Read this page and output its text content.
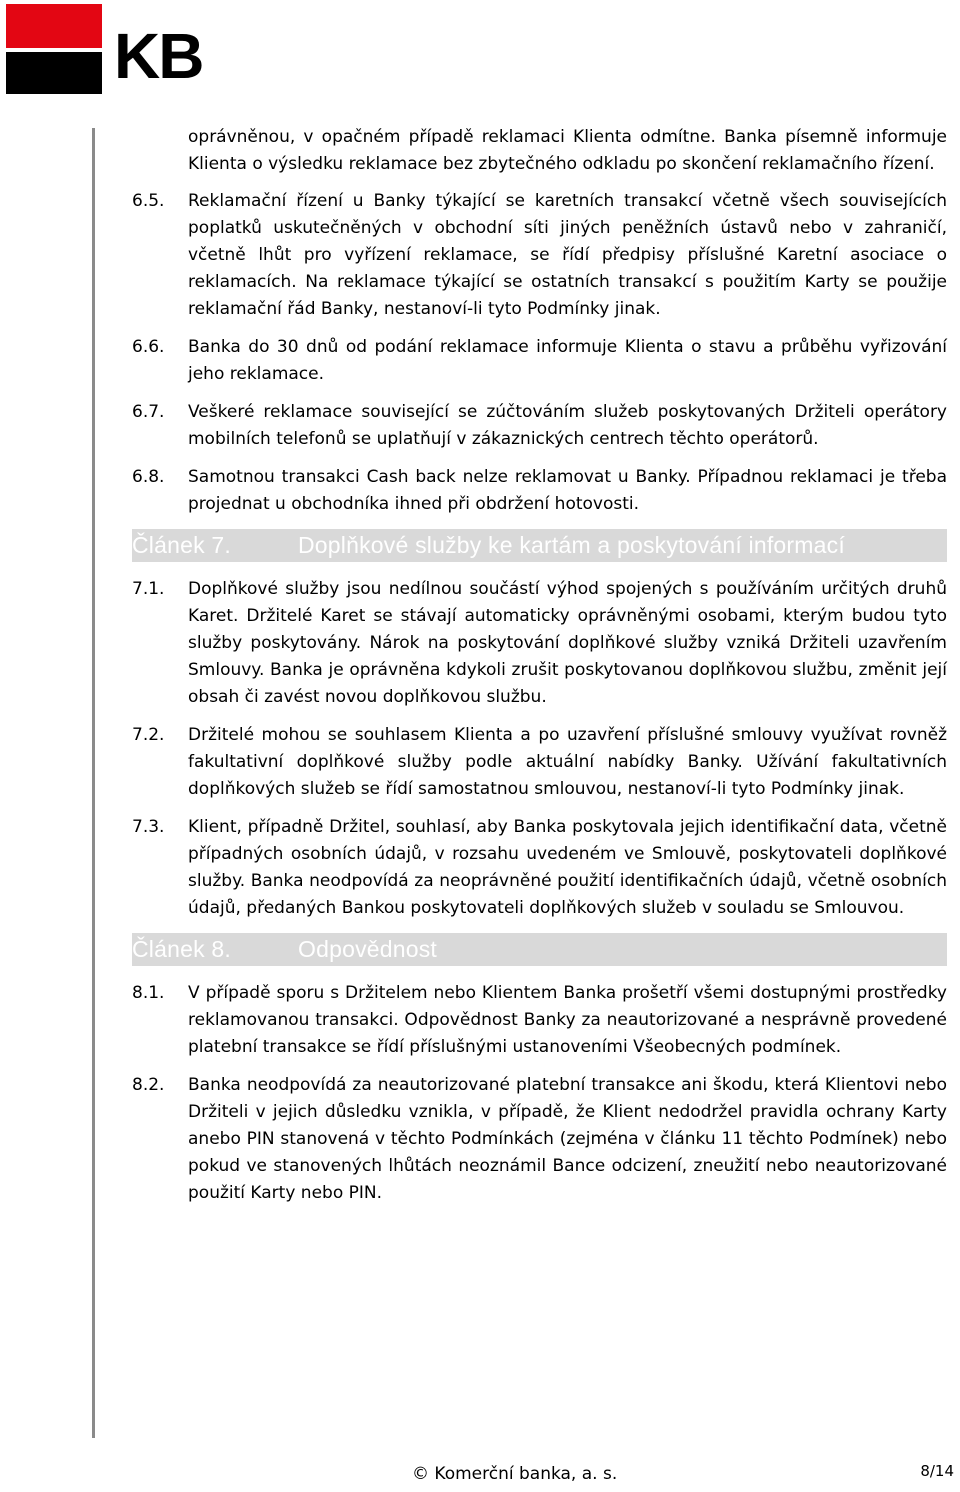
KB
oprávněnou, v opačném případě reklamaci Klienta odmítne. Banka písemně informuje Klienta o výsledku reklamace bez zbytečného odkladu po skončení reklamačního řízení.
6.5.	Reklamační řízení u Banky týkající se karetních transakcí včetně všech souvisejících poplatků uskutečněných v obchodní síti jiných peněžních ústavů nebo v zahraničí, včetně lhůt pro vyřízení reklamace, se řídí předpisy příslušné Karetní asociace o reklamacích. Na reklamace týkající se ostatních transakcí s použitím Karty se použije reklamační řád Banky, nestanoví-li tyto Podmínky jinak.
6.6.	Banka do 30 dnů od podání reklamace informuje Klienta o stavu a průběhu vyřizování jeho reklamace.
6.7.	Veškeré reklamace související se zúčtováním služeb poskytovaných Držiteli operátory mobilních telefonů se uplatňují v zákaznických centrech těchto operátorů.
6.8.	Samotnou transakci Cash back nelze reklamovat u Banky. Případnou reklamaci je třeba projednat u obchodníka ihned při obdržení hotovosti.
Článek 7.	Doplňkové služby ke kartám a poskytování informací
7.1.	Doplňkové služby jsou nedílnou součástí výhod spojených s používáním určitých druhů Karet. Držitelé Karet se stávají automaticky oprávněnými osobami, kterým budou tyto služby poskytovány. Nárok na poskytování doplňkové služby vzniká Držiteli uzavřením Smlouvy. Banka je oprávněna kdykoli zrušit poskytovanou doplňkovou službu, změnit její obsah či zavést novou doplňkovou službu.
7.2.	Držitelé mohou se souhlasem Klienta a po uzavření příslušné smlouvy využívat rovněž fakultativní doplňkové služby podle aktuální nabídky Banky. Užívání fakultativních doplňkových služeb se řídí samostatnou smlouvou, nestanoví-li tyto Podmínky jinak.
7.3.	Klient, případně Držitel, souhlasí, aby Banka poskytovala jejich identifikační data, včetně případných osobních údajů, v rozsahu uvedeném ve Smlouvě, poskytovateli doplňkové služby. Banka neodpovídá za neoprávněné použití identifikačních údajů, včetně osobních údajů, předaných Bankou poskytovateli doplňkových služeb v souladu se Smlouvou.
Článek 8.	Odpovědnost
8.1.	V případě sporu s Držitelem nebo Klientem Banka prošetří všemi dostupnými prostředky reklamovanou transakci. Odpovědnost Banky za neautorizované a nesprávně provedené platební transakce se řídí příslušnými ustanoveními Všeobecných podmínek.
8.2.	Banka neodpovídá za neautorizované platební transakce ani škodu, která Klientovi nebo Držiteli v jejich důsledku vznikla, v případě, že Klient nedodržel pravidla ochrany Karty anebo PIN stanovená v těchto Podmínkách (zejména v článku 11 těchto Podmínek) nebo pokud ve stanovených lhůtách neoznámil Bance odcizení, zneužití nebo neautorizované použití Karty nebo PIN.
© Komerční banka, a. s.	8/14
